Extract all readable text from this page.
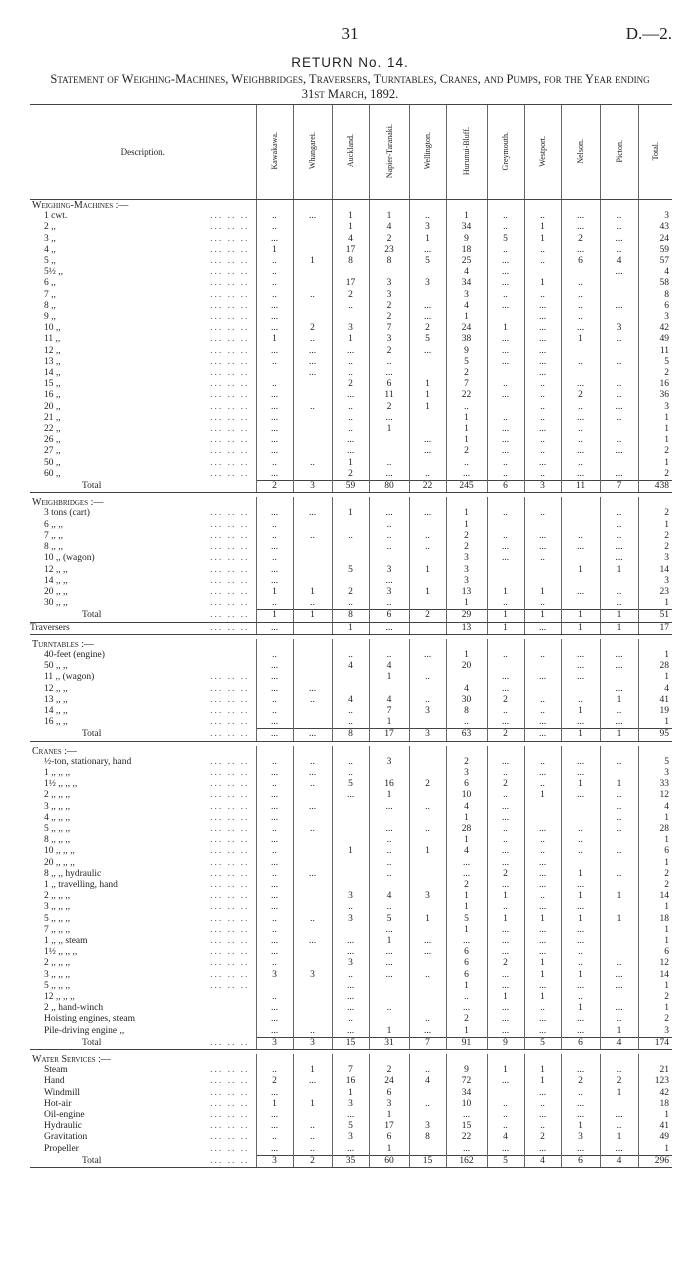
31	D.—2.
RETURN No. 14.
Statement of Weighing-Machines, Weighbridges, Traversers, Turntables, Cranes, and Pumps, for the Year ending 31st March, 1892.
Description.	Kawakawa.	Whangarei.	Auckland.	Napier-Taranaki.	Wellington.	Hurunui-Bluff.	Greymouth.	Westport.	Nelson.	Picton.	Total.
Weighing-Machines :—											
1 cwt. ... .. ..	..	...	1	1	..	1	..	..	...	..	3
2 ,, ... .. ..	..		1	4	3	34	..	1	...	..	43
3 ,, ... .. ..	...		4	2	1	9	5	1	2	...	24
4 ,, ... .. ..	1		17	23	...	18	..	..	...	..	59
5 ,, ... .. ..	..	1	8	8	5	25	...	..	6	4	57
5½ ,, ... .. ..	..					4	...			...	4
6 ,, ... .. ..	..		17	3	3	34	...	1	..		58
7 ,, ... .. ..	..	..	2	3		3	..	..	..		8
8 ,, ... .. ..	...		..	2	...	4	...	...	..	...	6
9 ,, ... .. ..	...			2	...	1		...	..		3
10 ,, ... .. ..	...	2	3	7	2	24	1	...	...	3	42
11 ,, ... .. ..	1	..	1	3	5	38	...	...	1	..	49
12 ,, ... .. ..	...	...	...	2	...	9	...	...			11
13 ,, ... .. ..	..	...	..	..		5	...	...	..	..	5
14 ,, ... .. ..		...	..	...		2		...			2
15 ,, ... .. ..	..		2	6	1	7	..	..	...	..	16
16 ,, ... .. ..	...		...	11	1	22	...	..	2	..	36
20 ,, ... .. ..	...	..	..	2	1	..		..	..	...	3
21 ,, ... .. ..	...		..	...		1	..	..	...	..	1
22 ,, ... .. ..	...		..	1		1	...	...	..		1
26 ,, ... .. ..	...		...		...	1	...	..	..	..	1
27 ,, ... .. ..	...		...		...	2	...	..	...	...	2
50 ,, ... .. ..	..	..	1	..		..	..	...	..		1
60 ,, ... .. ..	...		2	...	..	...	..	..	...	...	2
Total	2	3	59	80	22	245	6	3	11	7	438

Weighbridges :—											
3 tons (cart) ... .. ..	...	...	1	...	...	1	..	..		..	2
6 ,, ,, ... .. ..	..			..		1				..	1
7 ,, ,, ... .. ..	..	..	..	..	..	2	..	...	..	..	2
8 ,, ,, ... .. ..	...			..	..	2	...	...	...	...	2
10 ,, (wagon) ... .. ..	..					3	...	..		...	3
12 ,, ,, ... .. ..	...		5	3	1	3			1	1	14
14 ,, ,, ... .. ..	...			...		3					3
20 ,, ,, ... .. ..	1	1	2	3	1	13	1	1	...	..	23
30 ,, ,, ... .. ..	..	..	..	..		1	..	..		..	1
Total ... .. ..	1	1	8	6	2	29	1	1	1	1	51
Traversers ... .. ..	...		1	...		13	1	...	1	1	17

Turntables :—											
40-feet (engine)	..		..	..	...	1	..	..	...	...	1
50 ,, ,,	...		4	4		20			...	...	28
11 ,, (wagon) ... .. ..	...			1	..		...	...	...		1
12 ,, ,, ... .. ..	...	...				4	...			...	4
13 ,, ,, ... .. ..	..	..	4	4	..	30	2	..	..	1	41
14 ,, ,, ... .. ..	..		..	7	3	8	..	..	1	..	19
16 ,, ,, ... .. ..	...		..	1		..	...	...	...	...	1
Total ... .. ..	...	...	8	17	3	63	2	...	1	1	95

Cranes :—											
½-ton, stationary, hand ... .. ..	..	..	..	3		2	...	..	...	..	5
1 ,, ,, ,, ... .. ..	...	...	..			3	..	...	...		3
1½ ,, ,, ,, ... .. ..	..	..	5	16	2	6	2	..	1	1	33
2 ,, ,, ,, ... .. ..	...		...	1		10	..	1	...	..	12
3 ,, ,, ,, ... .. ..	...	...		...	..	4	...			..	4
4 ,, ,, ,, ... .. ..	...					1	...			..	1
5 ,, ,, ,, ... .. ..	..	..		...	..	28	..	...	..	..	28
8 ,, ,, ,, ... .. ..	...			..		1	..	..	..		1
10 ,, ,, ,, ... .. ..	..		1	..	1	4	...	..	..	..	6
20 ,, ,, ,, ... .. ..	...			..		...	...	...			1
8 ,, ,, hydraulic ... .. ..	..	...		..		...	2	...	1	..	2
1 ,, travelling, hand ... .. ..	...					2	...	...	...		2
2 ,, ,, ,, ... .. ..	...		3	4	3	1	1	..	1	1	14
3 ,, ,, ,, ... .. ..	...		..	..		1	..	...	...		1
5 ,, ,, ,, ... .. ..	..	..	3	5	1	5	1	1	1	1	18
7 ,, ,, ,, ... .. ..	..			...		1	...	...	...		1
1 ,, ,, steam ... .. ..	...	...	...	1	...	...	...	...	...		1
1½ ,, ,, ,, ... .. ..	...		...	...	...	6	...	...	..		6
2 ,, ,, ,, ... .. ..	..		3	...		6	2	1	..	..	12
3 ,, ,, ,, ... .. ..	3	3	..	...	..	6	...	1	1	...	14
5 ,, ,, ,, ... .. ..			...			1	...	...	...	...	1
12 ,, ,, ,,	..		...			..	1	1	..		2
2 ,, hand-winch	...		...	..		...	...	..	1	...	1
Hoisting engines, steam	...		..		..	2	...	...	...	..	2
Pile-driving engine ,,	...	..	...	1	...	1	...	...	...	1	3
Total ... .. ..	3	3	15	31	7	91	9	5	6	4	174

Water Services :—											
Steam ... .. ..	..	1	7	2	..	9	1	1	...	..	21
Hand ... .. ..	2	...	16	24	4	72	...	1	2	2	123
Windmill ... .. ..	...		1	6		34		...	..	1	42
Hot-air ... .. ..	1	1	3	3	..	10	..	..	...		18
Oil-engine ... .. ..	...		...	1		...	..	...	...	...	1
Hydraulic ... .. ..	...	..	5	17	3	15	..	..	1	..	41
Gravitation ... .. ..	..	..	3	6	8	22	4	2	3	1	49
Propeller ... .. ..	...	..	...	1		...	...	...	...	...	1
Total ... .. ..	3	2	35	60	15	162	5	4	6	4	296
